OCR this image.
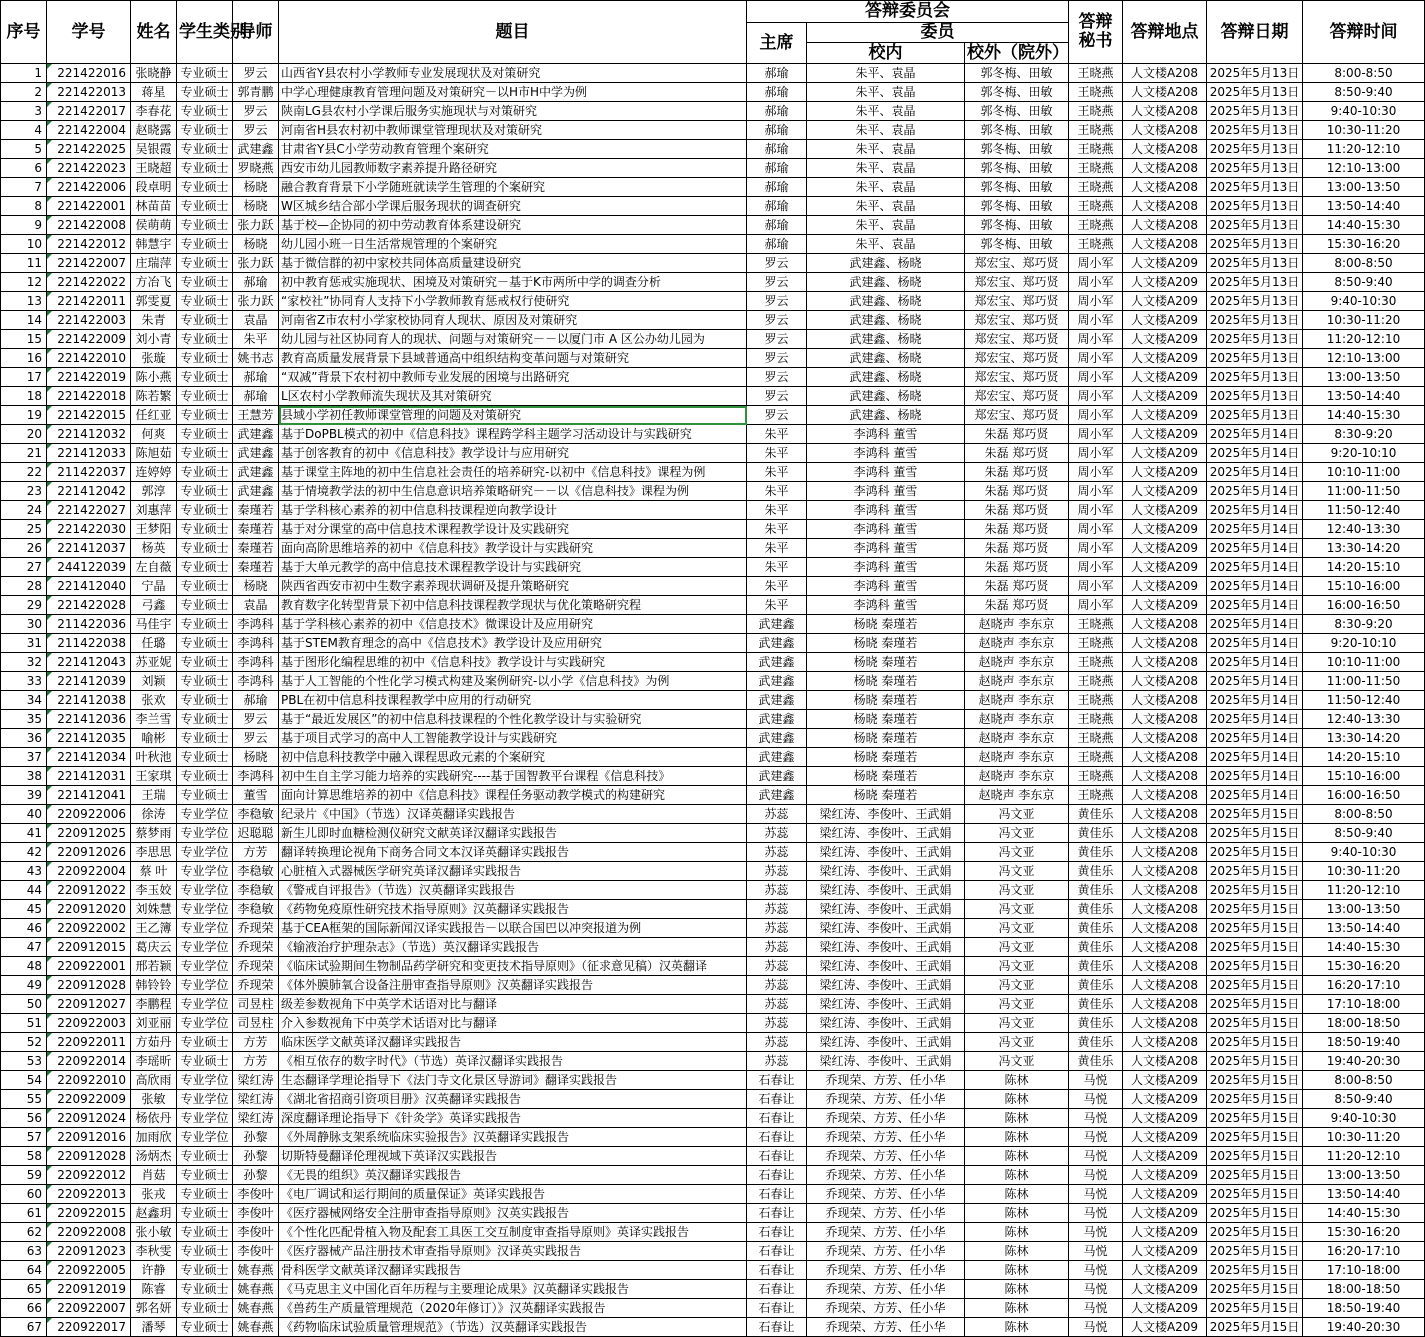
序号	学号	姓名	学生类别	导师	题目	答辩委员会			答辩秘书	答辩地点	答辩日期	答辩时间
						主席	委员					
							校内	校外（院外）				
1	221422016	张晓静	专业硕士	罗云	山西省Y县农村小学教师专业发展现状及对策研究	郝瑜	朱平、袁晶	郭冬梅、田敏	王晓燕	人文楼A208	2025年5月13日	8:00-8:50
2	221422013	蒋星	专业硕士	郭青鹏	中学心理健康教育管理问题及对策研究－以H市H中学为例	郝瑜	朱平、袁晶	郭冬梅、田敏	王晓燕	人文楼A208	2025年5月13日	8:50-9:40
3	221422017	李春花	专业硕士	罗云	陕南LG县农村小学课后服务实施现状与对策研究	郝瑜	朱平、袁晶	郭冬梅、田敏	王晓燕	人文楼A208	2025年5月13日	9:40-10:30
4	221422004	赵晓露	专业硕士	罗云	河南省H县农村初中教师课堂管理现状及对策研究	郝瑜	朱平、袁晶	郭冬梅、田敏	王晓燕	人文楼A208	2025年5月13日	10:30-11:20
5	221422025	吴银霞	专业硕士	武建鑫	甘肃省Y县C小学劳动教育管理个案研究	郝瑜	朱平、袁晶	郭冬梅、田敏	王晓燕	人文楼A208	2025年5月13日	11:20-12:10
6	221422023	王晓超	专业硕士	罗晓燕	西安市幼儿园教师数字素养提升路径研究	郝瑜	朱平、袁晶	郭冬梅、田敏	王晓燕	人文楼A208	2025年5月13日	12:10-13:00
7	221422006	段卓明	专业硕士	杨晓	融合教育背景下小学随班就读学生管理的个案研究	郝瑜	朱平、袁晶	郭冬梅、田敏	王晓燕	人文楼A208	2025年5月13日	13:00-13:50
8	221422001	林苗苗	专业硕士	杨晓	W区城乡结合部小学课后服务现状的调查研究	郝瑜	朱平、袁晶	郭冬梅、田敏	王晓燕	人文楼A208	2025年5月13日	13:50-14:40
9	221422008	侯萌萌	专业硕士	张力跃	基于校—企协同的初中劳动教育体系建设研究	郝瑜	朱平、袁晶	郭冬梅、田敏	王晓燕	人文楼A208	2025年5月13日	14:40-15:30
10	221422012	韩慧宇	专业硕士	杨晓	幼儿园小班一日生活常规管理的个案研究	郝瑜	朱平、袁晶	郭冬梅、田敏	王晓燕	人文楼A208	2025年5月13日	15:30-16:20
11	221422007	庄瑞萍	专业硕士	张力跃	基于微信群的初中家校共同体高质量建设研究	罗云	武建鑫、杨晓	郑宏宝、郑巧贤	周小军	人文楼A209	2025年5月13日	8:00-8:50
12	221422022	方冶飞	专业硕士	郝瑜	初中教育惩戒实施现状、困境及对策研究－基于K市两所中学的调查分析	罗云	武建鑫、杨晓	郑宏宝、郑巧贤	周小军	人文楼A209	2025年5月13日	8:50-9:40
13	221422011	郭雯夏	专业硕士	张力跃	“家校社”协同育人支持下小学教师教育惩戒权行使研究	罗云	武建鑫、杨晓	郑宏宝、郑巧贤	周小军	人文楼A209	2025年5月13日	9:40-10:30
14	221422003	朱青	专业硕士	袁晶	河南省Z市农村小学家校协同育人现状、原因及对策研究	罗云	武建鑫、杨晓	郑宏宝、郑巧贤	周小军	人文楼A209	2025年5月13日	10:30-11:20
15	221422009	刘小青	专业硕士	朱平	幼儿园与社区协同育人的现状、问题与对策研究－－以厦门市 A 区公办幼儿园为	罗云	武建鑫、杨晓	郑宏宝、郑巧贤	周小军	人文楼A209	2025年5月13日	11:20-12:10
16	221422010	张璇	专业硕士	姚书志	教育高质量发展背景下县域普通高中组织结构变革问题与对策研究	罗云	武建鑫、杨晓	郑宏宝、郑巧贤	周小军	人文楼A209	2025年5月13日	12:10-13:00
17	221422019	陈小燕	专业硕士	郝瑜	“双减”背景下农村初中教师专业发展的困境与出路研究	罗云	武建鑫、杨晓	郑宏宝、郑巧贤	周小军	人文楼A209	2025年5月13日	13:00-13:50
18	221422018	陈若繁	专业硕士	郝瑜	L区农村小学教师流失现状及其对策研究	罗云	武建鑫、杨晓	郑宏宝、郑巧贤	周小军	人文楼A209	2025年5月13日	13:50-14:40
19	221422015	任红亚	专业硕士	王慧芳	县域小学初任教师课堂管理的问题及对策研究	罗云	武建鑫、杨晓	郑宏宝、郑巧贤	周小军	人文楼A209	2025年5月13日	14:40-15:30
20	221412032	何爽	专业硕士	武建鑫	基于DoPBL模式的初中《信息科技》课程跨学科主题学习活动设计与实践研究	朱平	李鸿科 董雪	朱磊 郑巧贤	周小军	人文楼A209	2025年5月14日	8:30-9:20
21	221412033	陈旭茹	专业硕士	武建鑫	基于创客教育的初中《信息科技》教学设计与应用研究	朱平	李鸿科 董雪	朱磊 郑巧贤	周小军	人文楼A209	2025年5月14日	9:20-10:10
22	211422037	连婷婷	专业硕士	武建鑫	基于课堂主阵地的初中生信息社会责任的培养研究-以初中《信息科技》课程为例	朱平	李鸿科 董雪	朱磊 郑巧贤	周小军	人文楼A209	2025年5月14日	10:10-11:00
23	221412042	郭淳	专业硕士	武建鑫	基于情境教学法的初中生信息意识培养策略研究－－以《信息科技》课程为例	朱平	李鸿科 董雪	朱磊 郑巧贤	周小军	人文楼A209	2025年5月14日	11:00-11:50
24	221422027	刘惠萍	专业硕士	秦瑾若	基于学科核心素养的初中信息科技课程逆向教学设计	朱平	李鸿科 董雪	朱磊 郑巧贤	周小军	人文楼A209	2025年5月14日	11:50-12:40
25	221422030	王梦阳	专业硕士	秦瑾若	基于对分课堂的高中信息技术课程教学设计及实践研究	朱平	李鸿科 董雪	朱磊 郑巧贤	周小军	人文楼A209	2025年5月14日	12:40-13:30
26	221412037	杨英	专业硕士	秦瑾若	面向高阶思维培养的初中《信息科技》教学设计与实践研究	朱平	李鸿科 董雪	朱磊 郑巧贤	周小军	人文楼A209	2025年5月14日	13:30-14:20
27	244122039	左自薇	专业硕士	秦瑾若	基于大单元教学的高中信息技术课程教学设计与实践研究	朱平	李鸿科 董雪	朱磊 郑巧贤	周小军	人文楼A209	2025年5月14日	14:20-15:10
28	221412040	宁晶	专业硕士	杨晓	陕西省西安市初中生数字素养现状调研及提升策略研究	朱平	李鸿科 董雪	朱磊 郑巧贤	周小军	人文楼A209	2025年5月14日	15:10-16:00
29	221422028	弓鑫	专业硕士	袁晶	教育数字化转型背景下初中信息科技课程教学现状与优化策略研究程	朱平	李鸿科 董雪	朱磊 郑巧贤	周小军	人文楼A209	2025年5月14日	16:00-16:50
30	211422036	马佳宇	专业硕士	李鸿科	基于学科核心素养的初中《信息技术》微课设计及应用研究	武建鑫	杨晓 秦瑾若	赵晓声 李东京	王晓燕	人文楼A208	2025年5月14日	8:30-9:20
31	211422038	任璐	专业硕士	李鸿科	基于STEM教育理念的高中《信息技术》教学设计及应用研究	武建鑫	杨晓 秦瑾若	赵晓声 李东京	王晓燕	人文楼A208	2025年5月14日	9:20-10:10
32	221412043	苏亚妮	专业硕士	李鸿科	基于图形化编程思维的初中《信息科技》教学设计与实践研究	武建鑫	杨晓 秦瑾若	赵晓声 李东京	王晓燕	人文楼A208	2025年5月14日	10:10-11:00
33	221412039	刘颖	专业硕士	李鸿科	基于人工智能的个性化学习模式构建及案例研究-以小学《信息科技》为例	武建鑫	杨晓 秦瑾若	赵晓声 李东京	王晓燕	人文楼A208	2025年5月14日	11:00-11:50
34	221412038	张欢	专业硕士	郝瑜	PBL在初中信息科技课程教学中应用的行动研究	武建鑫	杨晓 秦瑾若	赵晓声 李东京	王晓燕	人文楼A208	2025年5月14日	11:50-12:40
35	221412036	李兰雪	专业硕士	罗云	基于“最近发展区”的初中信息科技课程的个性化教学设计与实验研究	武建鑫	杨晓 秦瑾若	赵晓声 李东京	王晓燕	人文楼A208	2025年5月14日	12:40-13:30
36	221412035	喻彬	专业硕士	罗云	基于项目式学习的高中人工智能教学设计与实践研究	武建鑫	杨晓 秦瑾若	赵晓声 李东京	王晓燕	人文楼A208	2025年5月14日	13:30-14:20
37	221412034	叶秋池	专业硕士	杨晓	初中信息科技教学中融入课程思政元素的个案研究	武建鑫	杨晓 秦瑾若	赵晓声 李东京	王晓燕	人文楼A208	2025年5月14日	14:20-15:10
38	221412031	王家琪	专业硕士	李鸿科	初中生自主学习能力培养的实践研究----基于国智教平台课程《信息科技》	武建鑫	杨晓 秦瑾若	赵晓声 李东京	王晓燕	人文楼A208	2025年5月14日	15:10-16:00
39	221412041	王瑞	专业硕士	董雪	面向计算思维培养的初中《信息科技》课程任务驱动教学模式的构建研究	武建鑫	杨晓 秦瑾若	赵晓声 李东京	王晓燕	人文楼A208	2025年5月14日	16:00-16:50
40	220922006	徐涛	专业学位	李稳敏	纪录片《中国》（节选）汉译英翻译实践报告	苏蕊	梁红涛、李俊叶、王武娟	冯文亚	黄佳乐	人文楼A208	2025年5月15日	8:00-8:50
41	220912025	蔡梦雨	专业学位	迟聪聪	新生儿即时血糖检测仪研究文献英译汉翻译实践报告	苏蕊	梁红涛、李俊叶、王武娟	冯文亚	黄佳乐	人文楼A208	2025年5月15日	8:50-9:40
42	220912026	李思思	专业学位	方芳	翻译转换理论视角下商务合同文本汉译英翻译实践报告	苏蕊	梁红涛、李俊叶、王武娟	冯文亚	黄佳乐	人文楼A208	2025年5月15日	9:40-10:30
43	220922004	蔡 叶	专业学位	李稳敏	心脏植入式器械医学研究英译汉翻译实践报告	苏蕊	梁红涛、李俊叶、王武娟	冯文亚	黄佳乐	人文楼A208	2025年5月15日	10:30-11:20
44	220912022	李玉姣	专业学位	李稳敏	《警戒自评报告》（节选）汉英翻译实践报告	苏蕊	梁红涛、李俊叶、王武娟	冯文亚	黄佳乐	人文楼A208	2025年5月15日	11:20-12:10
45	220912020	刘姝慧	专业学位	李稳敏	《药物免疫原性研究技术指导原则》汉英翻译实践报告	苏蕊	梁红涛、李俊叶、王武娟	冯文亚	黄佳乐	人文楼A208	2025年5月15日	13:00-13:50
46	220922002	王乙簿	专业学位	乔现荣	基于CEA框架的国际新闻汉译实践报告－以联合国巴以冲突报道为例	苏蕊	梁红涛、李俊叶、王武娟	冯文亚	黄佳乐	人文楼A208	2025年5月15日	13:50-14:40
47	220912015	葛庆云	专业学位	乔现荣	《输液治疗护理杂志》（节选）英汉翻译实践报告	苏蕊	梁红涛、李俊叶、王武娟	冯文亚	黄佳乐	人文楼A208	2025年5月15日	14:40-15:30
48	220922001	邢若颖	专业学位	乔现荣	《临床试验期间生物制品药学研究和变更技术指导原则》（征求意见稿）汉英翻译	苏蕊	梁红涛、李俊叶、王武娟	冯文亚	黄佳乐	人文楼A208	2025年5月15日	15:30-16:20
49	220912028	韩铃铃	专业学位	乔现荣	《体外膜肺氧合设备注册审查指导原则》汉英翻译实践报告	苏蕊	梁红涛、李俊叶、王武娟	冯文亚	黄佳乐	人文楼A208	2025年5月15日	16:20-17:10
50	220912027	李鹏程	专业学位	司昱柱	级差参数视角下中英学术话语对比与翻译	苏蕊	梁红涛、李俊叶、王武娟	冯文亚	黄佳乐	人文楼A208	2025年5月15日	17:10-18:00
51	220922003	刘亚丽	专业学位	司昱柱	介入参数视角下中英学术话语对比与翻译	苏蕊	梁红涛、李俊叶、王武娟	冯文亚	黄佳乐	人文楼A208	2025年5月15日	18:00-18:50
52	220922011	方茹丹	专业硕士	方芳	临床医学文献英译汉翻译实践报告	苏蕊	梁红涛、李俊叶、王武娟	冯文亚	黄佳乐	人文楼A208	2025年5月15日	18:50-19:40
53	220922014	李瑶昕	专业硕士	方芳	《相互依存的数字时代》（节选）英译汉翻译实践报告	苏蕊	梁红涛、李俊叶、王武娟	冯文亚	黄佳乐	人文楼A208	2025年5月15日	19:40-20:30
54	220922010	高欣雨	专业学位	梁红涛	生态翻译学理论指导下《法门寺文化景区导游词》翻译实践报告	石春让	乔现荣、方芳、任小华	陈林	马悦	人文楼A209	2025年5月15日	8:00-8:50
55	220922009	张敏	专业学位	梁红涛	《湖北省招商引资项目册》汉英翻译实践报告	石春让	乔现荣、方芳、任小华	陈林	马悦	人文楼A209	2025年5月15日	8:50-9:40
56	220912024	杨依丹	专业学位	梁红涛	深度翻译理论指导下《针灸学》英译实践报告	石春让	乔现荣、方芳、任小华	陈林	马悦	人文楼A209	2025年5月15日	9:40-10:30
57	220912016	加雨欣	专业学位	孙黎	《外周静脉支架系统临床实验报告》汉英翻译实践报告	石春让	乔现荣、方芳、任小华	陈林	马悦	人文楼A209	2025年5月15日	10:30-11:20
58	220912028	汤炳杰	专业硕士	孙黎	切斯特曼翻译伦理视域下英译汉实践报告	石春让	乔现荣、方芳、任小华	陈林	马悦	人文楼A209	2025年5月15日	11:20-12:10
59	220922012	肖菇	专业硕士	孙黎	《无畏的组织》英汉翻译实践报告	石春让	乔现荣、方芳、任小华	陈林	马悦	人文楼A209	2025年5月15日	13:00-13:50
60	220922013	张戎	专业硕士	李俊叶	《电厂调试和运行期间的质量保证》英译实践报告	石春让	乔现荣、方芳、任小华	陈林	马悦	人文楼A209	2025年5月15日	13:50-14:40
61	220922015	赵鑫玥	专业硕士	李俊叶	《医疗器械网络安全注册审查指导原则》汉英实践报告	石春让	乔现荣、方芳、任小华	陈林	马悦	人文楼A209	2025年5月15日	14:40-15:30
62	220922008	张小敏	专业硕士	李俊叶	《个性化匹配骨植入物及配套工具医工交互制度审查指导原则》英译实践报告	石春让	乔现荣、方芳、任小华	陈林	马悦	人文楼A209	2025年5月15日	15:30-16:20
63	220912023	李秋雯	专业硕士	李俊叶	《医疗器械产品注册技术审查指导原则》汉译英实践报告	石春让	乔现荣、方芳、任小华	陈林	马悦	人文楼A209	2025年5月15日	16:20-17:10
64	220922005	许静	专业硕士	姚春燕	骨科医学文献英译汉翻译实践报告	石春让	乔现荣、方芳、任小华	陈林	马悦	人文楼A209	2025年5月15日	17:10-18:00
65	220912019	陈睿	专业硕士	姚春燕	《马克思主义中国化百年历程与主要理论成果》汉英翻译实践报告	石春让	乔现荣、方芳、任小华	陈林	马悦	人文楼A209	2025年5月15日	18:00-18:50
66	220922007	郭名妍	专业硕士	姚春燕	《兽药生产质量管理规范（2020年修订）》汉英翻译实践报告	石春让	乔现荣、方芳、任小华	陈林	马悦	人文楼A209	2025年5月15日	18:50-19:40
67	220922017	潘琴	专业硕士	姚春燕	《药物临床试验质量管理规范》（节选）汉英翻译实践报告	石春让	乔现荣、方芳、任小华	陈林	马悦	人文楼A209	2025年5月15日	19:40-20:30
